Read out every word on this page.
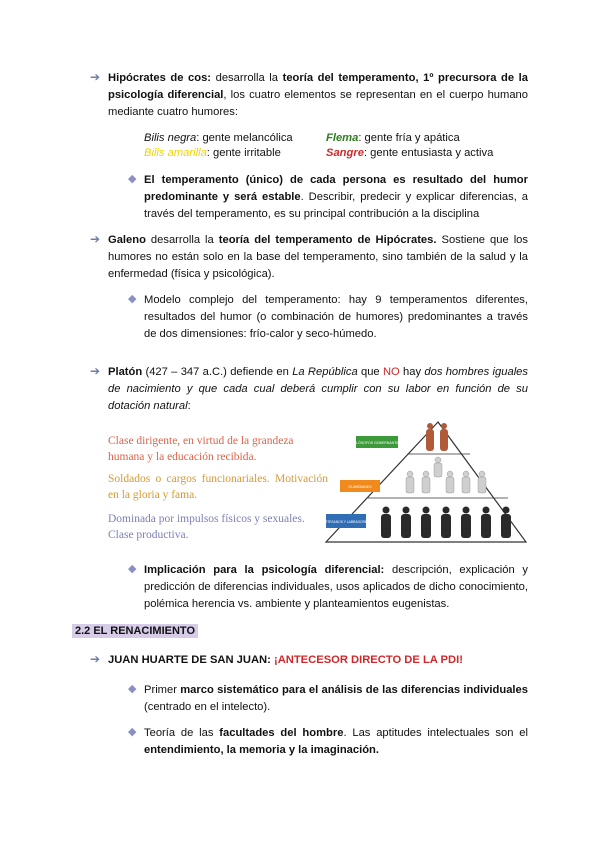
➔ Hipócrates de cos: desarrolla la teoría del temperamento, 1º precursora de la psicología diferencial, los cuatro elementos se representan en el cuerpo humano mediante cuatro humores:
Bilis negra: gente melancólica
Bilis amarilla: gente irritable
Flema: gente fría y apática
Sangre: gente entusiasta y activa
◆ El temperamento (único) de cada persona es resultado del humor predominante y será estable. Describir, predecir y explicar diferencias, a través del temperamento, es su principal contribución a la disciplina
➔ Galeno desarrolla la teoría del temperamento de Hipócrates. Sostiene que los humores no están solo en la base del temperamento, sino también de la salud y la enfermedad (física y psicológica).
◆ Modelo complejo del temperamento: hay 9 temperamentos diferentes, resultados del humor (o combinación de humores) predominantes a través de dos dimensiones: frío-calor y seco-húmedo.
➔ Platón (427 – 347 a.C.) defiende en La República que NO hay dos hombres iguales de nacimiento y que cada cual deberá cumplir con su labor en función de su dotación natural:
Clase dirigente, en virtud de la grandeza humana y la educación recibida.
Soldados o cargos funcionariales. Motivación en la gloria y fama.
Dominada por impulsos físicos y sexuales. Clase productiva.
FILÓSOFOS GOBERNANTES
GUARDIANES
ARTESANOS Y LABRADORES
◆ Implicación para la psicología diferencial: descripción, explicación y predicción de diferencias individuales, usos aplicados de dicho conocimiento, polémica herencia vs. ambiente y planteamientos eugenistas.
2.2 EL RENACIMIENTO
➔ JUAN HUARTE DE SAN JUAN: ¡ANTECESOR DIRECTO DE LA PDI!
◆ Primer marco sistemático para el análisis de las diferencias individuales (centrado en el intelecto).
◆ Teoría de las facultades del hombre. Las aptitudes intelectuales son el entendimiento, la memoria y la imaginación.
